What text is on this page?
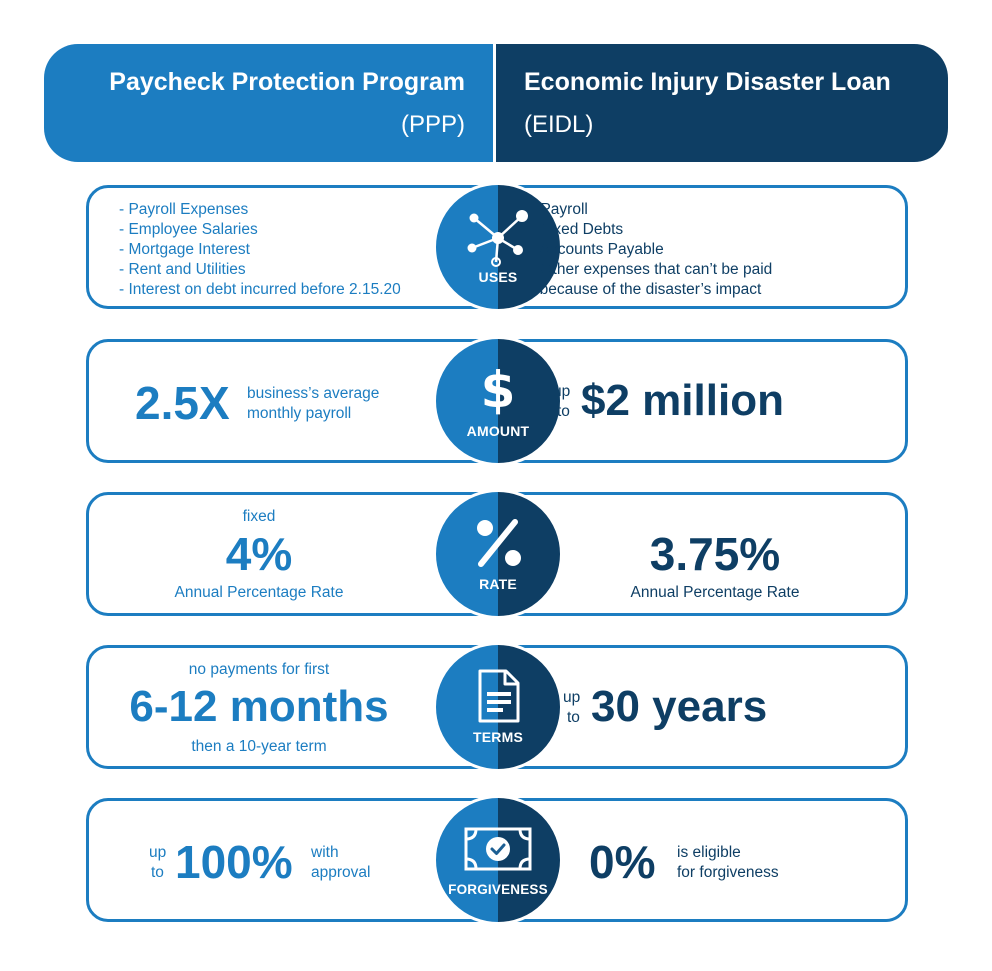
Paycheck Protection Program
(PPP)
Economic Injury Disaster Loan
(EIDL)
- Payroll Expenses
- Employee Salaries
- Mortgage Interest
- Rent and Utilities
- Interest on debt incurred before 2.15.20
USES
- Payroll
- Fixed Debts
- Accounts Payable
- Other expenses that can’t be paid
because of the disaster’s impact
2.5X business’s average
monthly payroll	$
AMOUNT
up
to $2 million
fixed
4%
Annual Percentage Rate	RATE
3.75%
Annual Percentage Rate
no payments for first
6-12 months
then a 10-year term
TERMS
up
to 30 years
up
to 100% with
approval
FORGIVENESS
0% is eligible
for forgiveness
